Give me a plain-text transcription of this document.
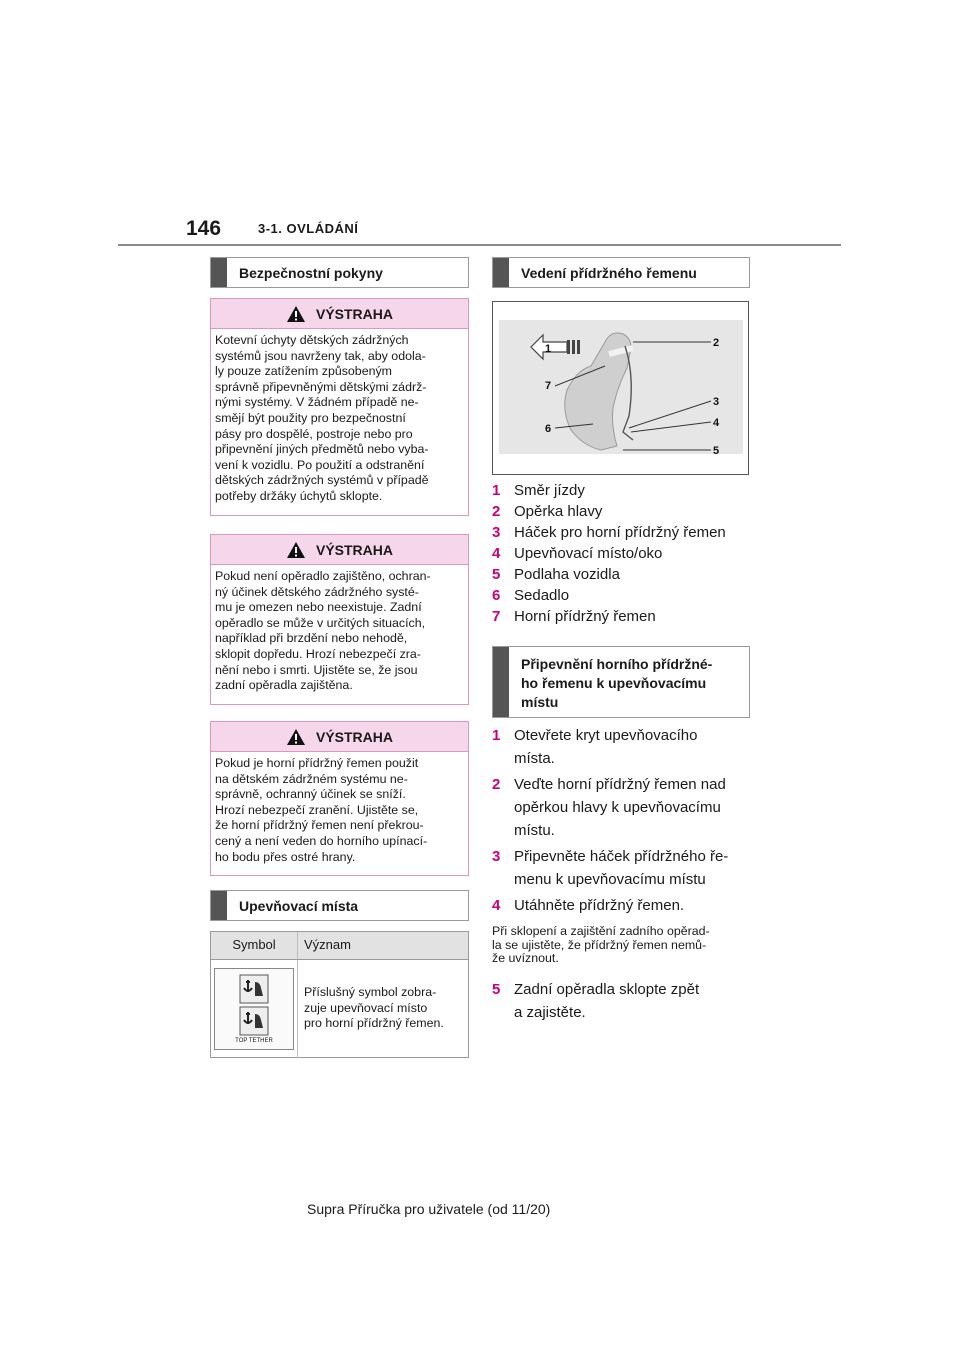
146	3-1. OVLÁDÁNÍ
Bezpečnostní pokyny
VÝSTRAHA
Kotevní úchyty dětských zádržných
systémů jsou navrženy tak, aby odola-
ly pouze zatížením způsobeným
správně připevněnými dětskými zádrž-
nými systémy. V žádném případě ne-
smějí být použity pro bezpečnostní
pásy pro dospělé, postroje nebo pro
připevnění jiných předmětů nebo vyba-
vení k vozidlu. Po použití a odstranění
dětských zádržných systémů v případě
potřeby držáky úchytů sklopte.
VÝSTRAHA
Pokud není opěradlo zajištěno, ochran-
ný účinek dětského zádržného systé-
mu je omezen nebo neexistuje. Zadní
opěradlo se může v určitých situacích,
například při brzdění nebo nehodě,
sklopit dopředu. Hrozí nebezpečí zra-
nění nebo i smrti. Ujistěte se, že jsou
zadní opěradla zajištěna.
VÝSTRAHA
Pokud je horní přídržný řemen použit
na dětském zádržném systému ne-
správně, ochranný účinek se sníží.
Hrozí nebezpečí zranění. Ujistěte se,
že horní přídržný řemen není překrou-
cený a není veden do horního upínací-
ho bodu přes ostré hrany.
Upevňovací místa
Symbol	Význam
TOP TETHER
Příslušný symbol zobra-
zuje upevňovací místo
pro horní přídržný řemen.
Vedení přídržného řemenu
1	2
3
4
5
6
7
1 Směr jízdy
2 Opěrka hlavy
3 Háček pro horní přídržný řemen
4 Upevňovací místo/oko
5 Podlaha vozidla
6 Sedadlo
7 Horní přídržný řemen
Připevnění horního přídržné-
ho řemenu k upevňovacímu
místu
1 Otevřete kryt upevňovacího
místa.
2 Veďte horní přídržný řemen nad
opěrkou hlavy k upevňovacímu
místu.
3 Připevněte háček přídržného ře-
menu k upevňovacímu místu
4 Utáhněte přídržný řemen.
Při sklopení a zajištění zadního opěrad-
la se ujistěte, že přídržný řemen nemů-
že uvíznout.
5 Zadní opěradla sklopte zpět
a zajistěte.
Supra Příručka pro uživatele (od 11/20)
